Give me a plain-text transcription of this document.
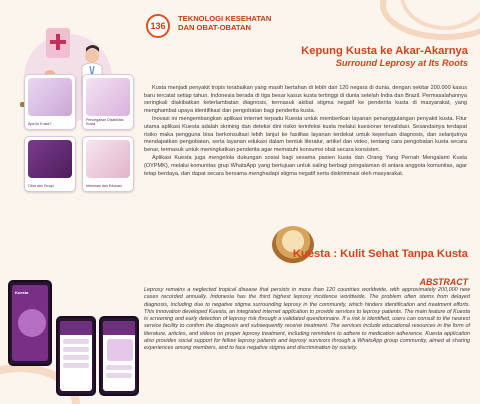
136
TEKNOLOGI KESEHATAN
DAN OBAT-OBATAN
Apa itu Kusta?
Pencegahan Disabilitas Kusta
Obat dan Terapi	Informasi dan Edukasi
Kepung Kusta ke Akar-Akarnya
Surround Leprosy at Its Roots

Kusta menjadi penyakit tropis terabaikan yang masih bertahan di lebih dari 120 negara di dunia, dengan sekitar 200.000 kasus baru tercatat setiap tahun. Indonesia berada di tiga besar kasus kusta tertinggi di dunia setelah India dan Brazil. Permasalahannya seringkali diakibatkan keterlambatan diagnosis, termasuk akibat stigma negatif ke penderita kusta di masyarakat, yang menghambat upaya identifikasi dan pengobatan bagi penderita kusta.

Inovasi ini mengembangkan aplikasi internet terpadu Kuesta untuk memberikan layanan penanggulangan penyakit kusta. Fitur utama aplikasi Kuesta adalah skrining dan deteksi dini risiko terinfeksi kusta melalui kuesioner tervalidasi. Sesandainya terdapat risiko maka pengguna bisa berkonsultasi lebih lanjut ke fasilitas layanan terdekat untuk keperluan diagnosis, dan selanjutnya mendapatkan pengobatan, serta layanan edukasi dalam bentuk literatur, artikel dan video, tentang cara pengobatan kusta secara benar, termasuk untuk meningkatkan penderita agar mematuhi konsumsi obat secara konsisten.

Aplikasi Kuesta juga mengelola dukungan sosial bagi sesama pasien kusta dan Orang Yang Pernah Mengalami Kusta (OYPMK), melalui komunitas grup WhatsApp yang bertujuan untuk saling berbagi pengalaman di antara anggota komunitas, agar tetap berdaya, dan dapat secara bersama menghadapi stigma negatif serta diskriminasi oleh masyarakat.

Kuesta : Kulit Sehat Tanpa Kusta
ABSTRACT
Leprosy remains a neglected tropical disease that persists in more than 120 countries worldwide, with approximately 200,000 new cases recorded annually. Indonesia has the third highest leprosy incidence worldwide. The problem often stems from delayed diagnosis, including due to negative stigma surrounding leprosy in the community, which hinders identification and treatment efforts. This innovation developed Kuesta, an integrated internet application to provide services to leprosy patients. The main feature of Kuesta is screening and early detection of leprosy risk through a validated questionnaire. If a risk is identified, users can consult to the nearest service facility to confirm the diagnosis and subsequently receive treatment. The services include educational resources in the form of literature, articles, and videos on proper leprosy treatment, including reminders to adhere to medication adherence. Kuesta application also provides social support for fellow leprosy patients and leprosy survivors through a WhatsApp group community, aimed at sharing experiences among members, and to face negative stigma and discrimination by society.
Kuesta
